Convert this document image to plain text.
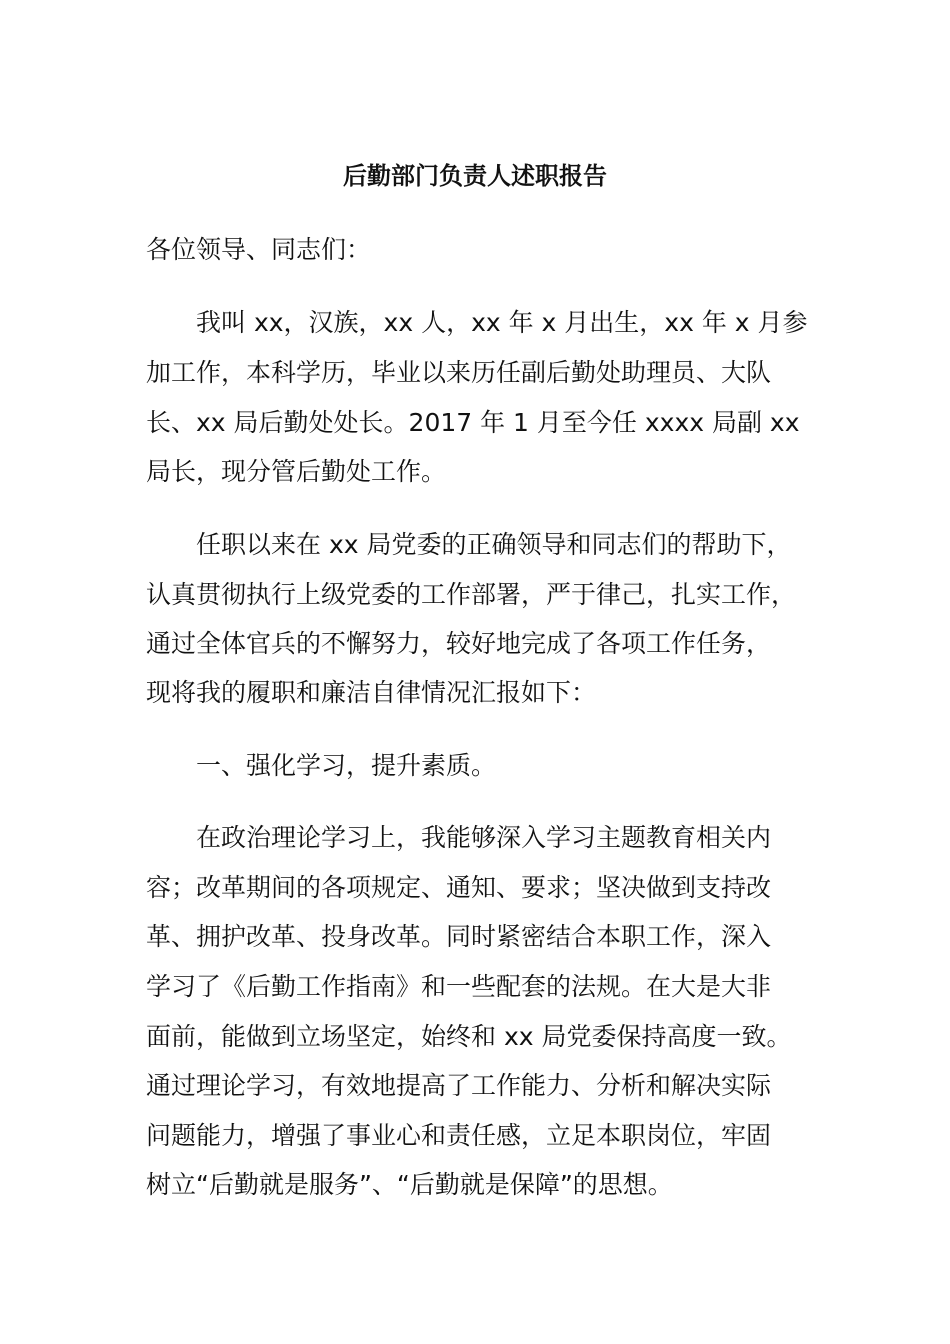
后勤部门负责人述职报告
各位领导、同志们：
我叫 xx，汉族，xx 人，xx 年 x 月出生，xx 年 x 月参
加工作，本科学历，毕业以来历任副后勤处助理员、大队
长、xx 局后勤处处长。2017 年 1 月至今任 xxxx 局副 xx
局长，现分管后勤处工作。
任职以来在 xx 局党委的正确领导和同志们的帮助下，
认真贯彻执行上级党委的工作部署，严于律己，扎实工作，
通过全体官兵的不懈努力，较好地完成了各项工作任务，
现将我的履职和廉洁自律情况汇报如下：
一、强化学习，提升素质。
在政治理论学习上，我能够深入学习主题教育相关内
容；改革期间的各项规定、通知、要求；坚决做到支持改
革、拥护改革、投身改革。同时紧密结合本职工作，深入
学习了《后勤工作指南》和一些配套的法规。在大是大非
面前，能做到立场坚定，始终和 xx 局党委保持高度一致。
通过理论学习，有效地提高了工作能力、分析和解决实际
问题能力，增强了事业心和责任感，立足本职岗位，牢固
树立“后勤就是服务”、“后勤就是保障”的思想。
